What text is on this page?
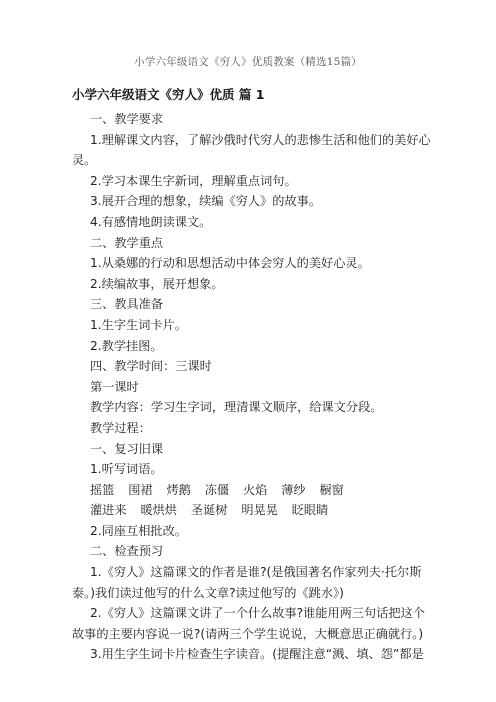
小学六年级语文《穷人》优质教案（精选15篇）
小学六年级语文《穷人》优质 篇 1
一、教学要求
1.理解课文内容，了解沙俄时代穷人的悲惨生活和他们的美好心灵。
2.学习本课生字新词，理解重点词句。
3.展开合理的想象，续编《穷人》的故事。
4.有感情地朗读课文。
二、教学重点
1.从桑娜的行动和思想活动中体会穷人的美好心灵。
2.续编故事，展开想象。
三、教具准备
1.生字生词卡片。
2.教学挂图。
四、教学时间：三课时
第一课时
教学内容：学习生字词，理清课文顺序，给课文分段。
教学过程：
一、复习旧课
1.听写词语。
摇篮 围裙 烤鹅 冻僵 火焰 薄纱 橱窗
灌进来 暖烘烘 圣诞树 明晃晃 眨眼睛
2.同座互相批改。
二、检查预习
1.《穷人》这篇课文的作者是谁?(是俄国著名作家列夫·托尔斯泰。)我们读过他写的什么文章?读过他写的《跳水》)
2.《穷人》这篇课文讲了一个什么故事?谁能用两三句话把这个故事的主要内容说一说?(请两三个学生说说，大概意思正确就行。)
3.用生字生词卡片检查生字读音。(提醒注意“溅、填、怨”都是
